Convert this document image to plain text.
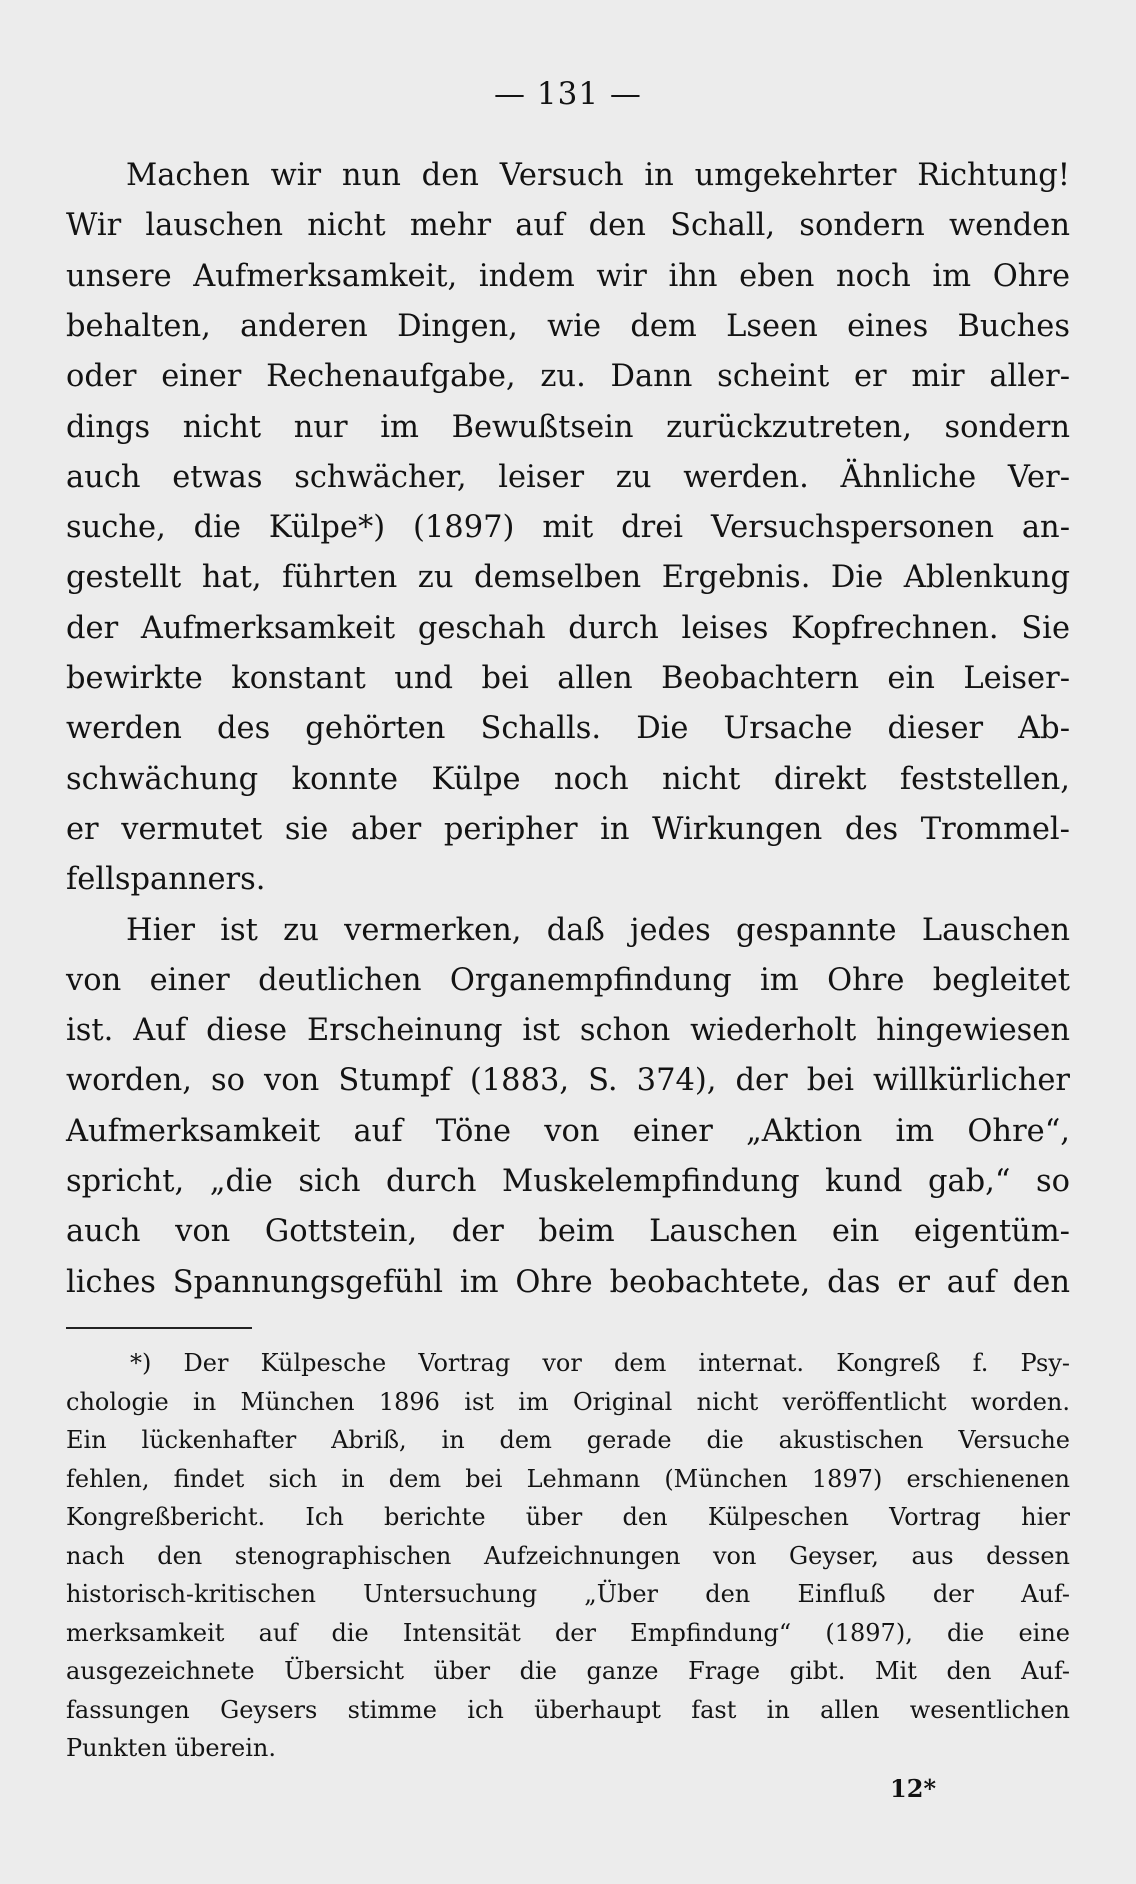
— 131 —
Machen wir nun den Versuch in umgekehrter Richtung!
Wir lauschen nicht mehr auf den Schall, sondern wenden
unsere Aufmerksamkeit, indem wir ihn eben noch im Ohre
behalten, anderen Dingen, wie dem Lseen eines Buches
oder einer Rechenaufgabe, zu. Dann scheint er mir aller-
dings nicht nur im Bewußtsein zurückzutreten, sondern
auch etwas schwächer, leiser zu werden. Ähnliche Ver-
suche, die Külpe*) (1897) mit drei Versuchspersonen an-
gestellt hat, führten zu demselben Ergebnis. Die Ablenkung
der Aufmerksamkeit geschah durch leises Kopfrechnen. Sie
bewirkte konstant und bei allen Beobachtern ein Leiser-
werden des gehörten Schalls. Die Ursache dieser Ab-
schwächung konnte Külpe noch nicht direkt feststellen,
er vermutet sie aber peripher in Wirkungen des Trommel-
fellspanners.
Hier ist zu vermerken, daß jedes gespannte Lauschen
von einer deutlichen Organempfindung im Ohre begleitet
ist. Auf diese Erscheinung ist schon wiederholt hingewiesen
worden, so von Stumpf (1883, S. 374), der bei willkürlicher
Aufmerksamkeit auf Töne von einer „Aktion im Ohre“,
spricht, „die sich durch Muskelempfindung kund gab,“ so
auch von Gottstein, der beim Lauschen ein eigentüm-
liches Spannungsgefühl im Ohre beobachtete, das er auf den
*) Der Külpesche Vortrag vor dem internat. Kongreß f. Psy-
chologie in München 1896 ist im Original nicht veröffentlicht worden.
Ein lückenhafter Abriß, in dem gerade die akustischen Versuche
fehlen, findet sich in dem bei Lehmann (München 1897) erschienenen
Kongreßbericht. Ich berichte über den Külpeschen Vortrag hier
nach den stenographischen Aufzeichnungen von Geyser, aus dessen
historisch-kritischen Untersuchung „Über den Einfluß der Auf-
merksamkeit auf die Intensität der Empfindung“ (1897), die eine
ausgezeichnete Übersicht über die ganze Frage gibt. Mit den Auf-
fassungen Geysers stimme ich überhaupt fast in allen wesentlichen
Punkten überein.
12*
